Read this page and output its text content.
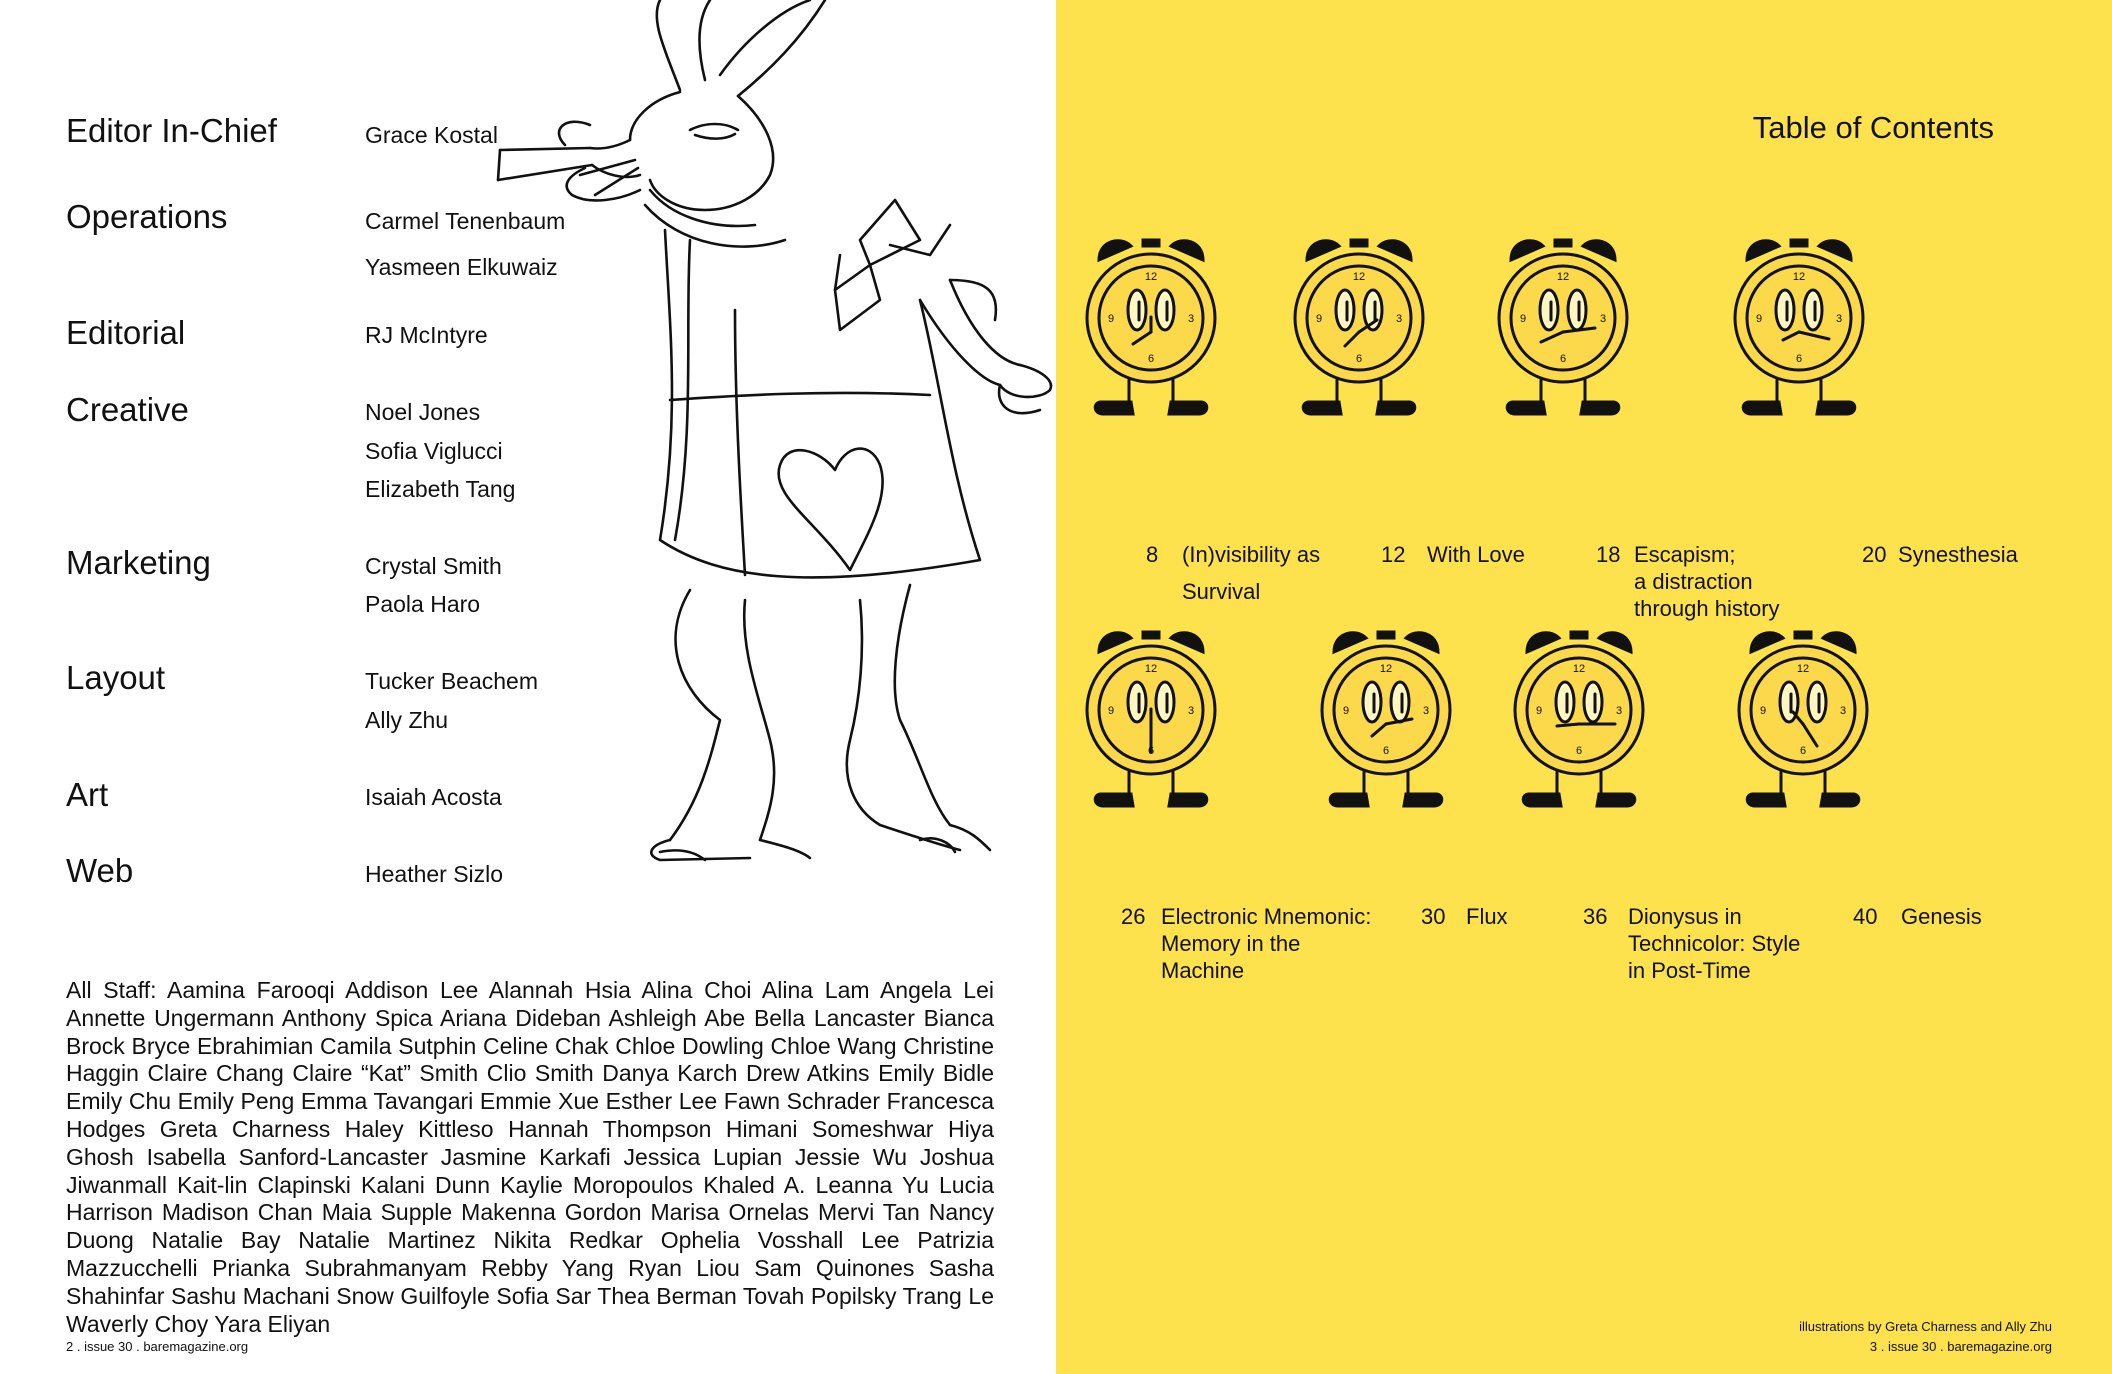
Editor In-Chief	Grace Kostal
Operations	Carmel Tenenbaum
Yasmeen Elkuwaiz
Editorial	RJ McIntyre
Creative	Noel Jones
Sofia Viglucci
Elizabeth Tang
Marketing	Crystal Smith
Paola Haro
Layout	Tucker Beachem
Ally Zhu
Art	Isaiah Acosta
Web	Heather Sizlo
All Staff: Aamina Farooqi Addison Lee Alannah Hsia Alina Choi Alina Lam Angela Lei Annette Ungermann Anthony Spica Ariana Dideban Ashleigh Abe Bella Lancaster Bianca Brock Bryce Ebrahimian Camila Sutphin Celine Chak Chloe Dowling Chloe Wang Christine Haggin Claire Chang Claire “Kat” Smith Clio Smith Danya Karch Drew Atkins Emily Bidle Emily Chu Emily Peng Emma Tavangari Emmie Xue Esther Lee Fawn Schrader Francesca Hodges Greta Charness Haley Kittleso Hannah Thompson Himani Someshwar Hiya Ghosh Isabella Sanford-Lancaster Jasmine Karkafi Jessica Lupian Jessie Wu Joshua Jiwanmall Kait-lin Clapinski Kalani Dunn Kaylie Moropoulos Khaled A. Leanna Yu Lucia Harrison Madison Chan Maia Supple Makenna Gordon Marisa Ornelas Mervi Tan Nancy Duong Natalie Bay Natalie Martinez Nikita Redkar Ophelia Vosshall Lee Patrizia Mazzucchelli Prianka Subrahmanyam Rebby Yang Ryan Liou Sam Quinones Sasha Shahinfar Sashu Machani Snow Guilfoyle Sofia Sar Thea Berman Tovah Popilsky Trang Le Waverly Choy Yara Eliyan
2 . issue 30 . baremagazine.org
Table of Contents
12
3
6
9
8 (In)visibility as
Survival
12
3
6
9
12 With Love
12
3
6
9
18 Escapism;
a distraction
through history
12
3
6
9
20 Synesthesia
12
3
6
9
26 Electronic Mnemonic:
Memory in the
Machine
12
3
6
9
30 Flux
12
3
6
9
36 Dionysus in
Technicolor: Style
in Post-Time
12
3
6
9
40 Genesis
illustrations by Greta Charness and Ally Zhu
3 . issue 30 . baremagazine.org
